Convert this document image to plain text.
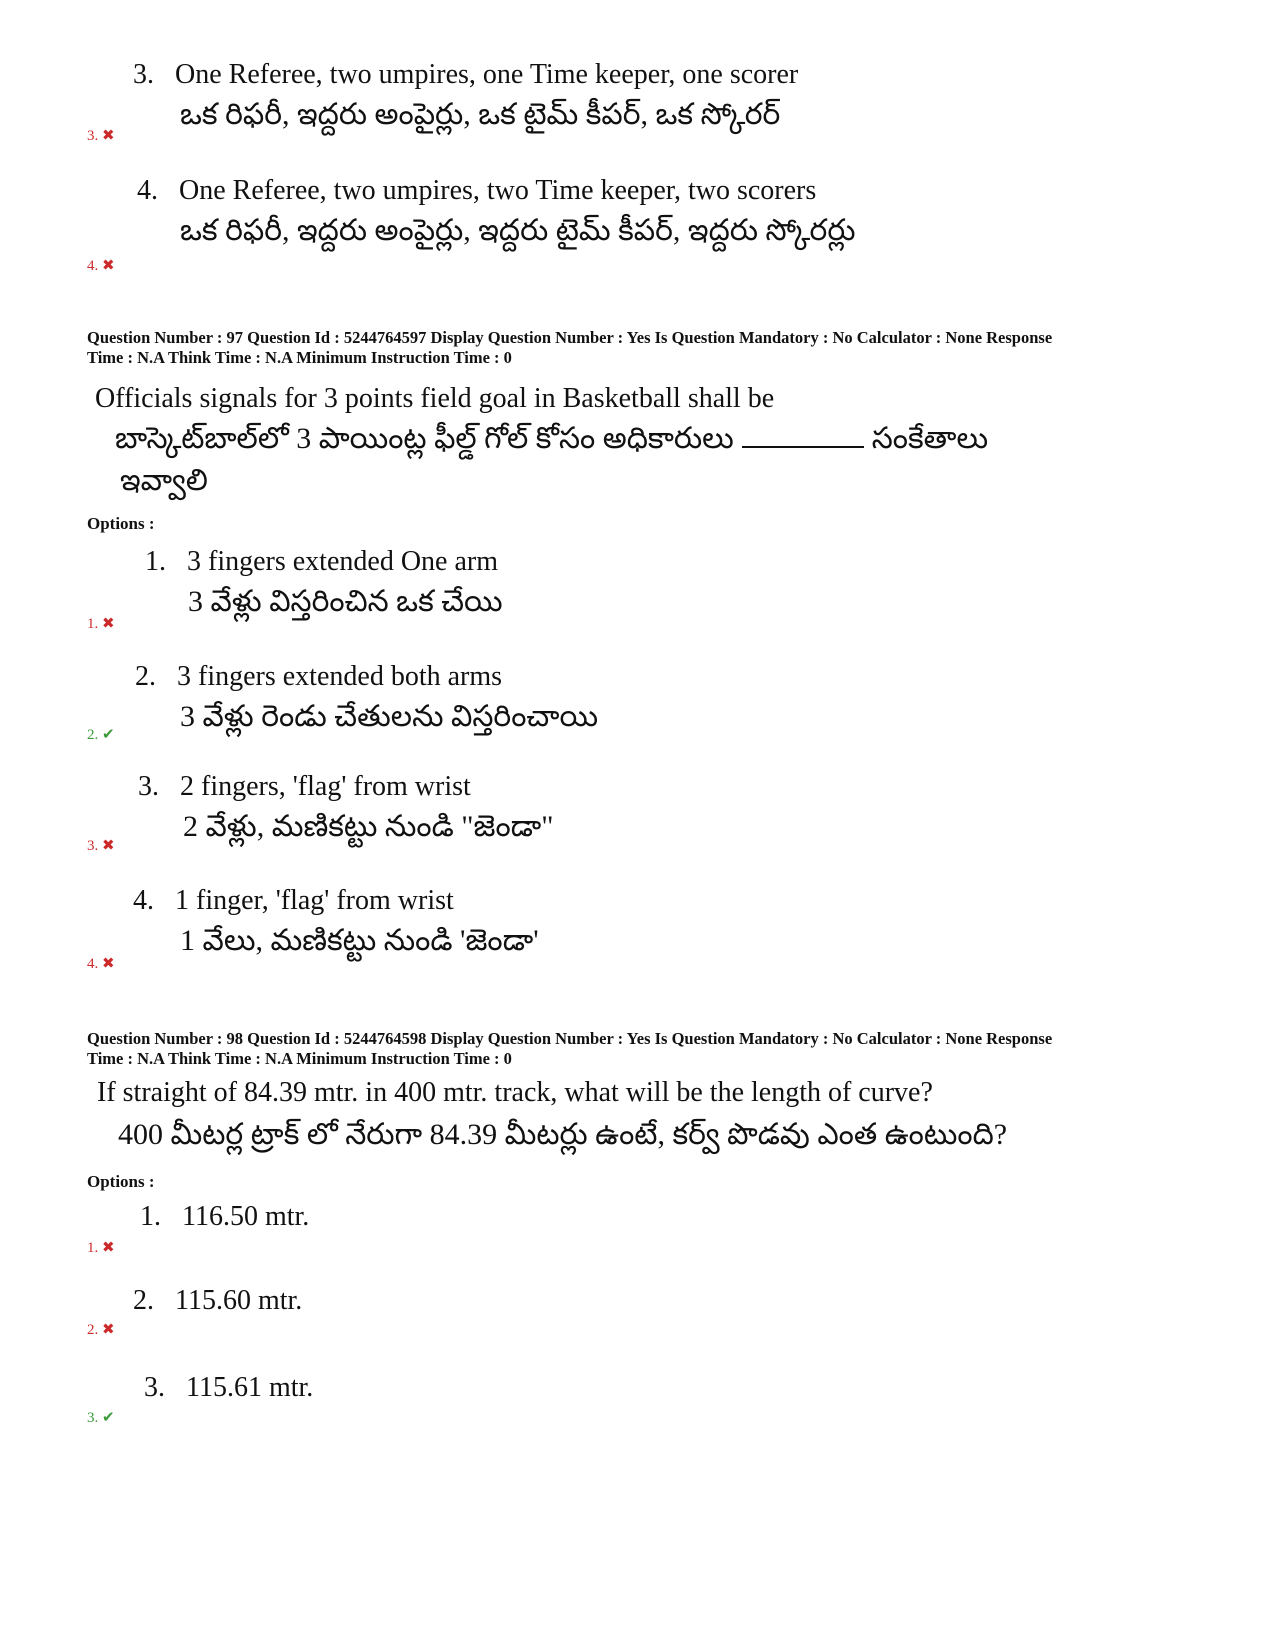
3. One Referee, two umpires, one Time keeper, one scorer
ఒక రిఫరీ, ఇద్దరు అంపైర్లు, ఒక టైమ్ కీపర్, ఒక స్కోరర్
3. ✖
4. One Referee, two umpires, two Time keeper, two scorers
ఒక రిఫరీ, ఇద్దరు అంపైర్లు, ఇద్దరు టైమ్ కీపర్, ఇద్దరు స్కోరర్లు
4. ✖
Question Number : 97 Question Id : 5244764597 Display Question Number : Yes Is Question Mandatory : No Calculator : None Response
Time : N.A Think Time : N.A Minimum Instruction Time : 0
Officials signals for 3 points field goal in Basketball shall be
బాస్కెట్‌బాల్‌లో 3 పాయింట్ల ఫీల్డ్ గోల్ కోసం అధికారులు	సంకేతాలు
ఇవ్వాలి
Options :
1. 3 fingers extended One arm
3 వేళ్లు విస్తరించిన ఒక చేయి
1. ✖
2. 3 fingers extended both arms
3 వేళ్లు రెండు చేతులను విస్తరించాయి
2. ✔
3. 2 fingers, 'flag' from wrist
2 వేళ్లు, మణికట్టు నుండి "జెండా"
3. ✖
4. 1 finger, 'flag' from wrist
1 వేలు, మణికట్టు నుండి 'జెండా'
4. ✖
Question Number : 98 Question Id : 5244764598 Display Question Number : Yes Is Question Mandatory : No Calculator : None Response
Time : N.A Think Time : N.A Minimum Instruction Time : 0
If straight of 84.39 mtr. in 400 mtr. track, what will be the length of curve?
400 మీటర్ల ట్రాక్ లో నేరుగా 84.39 మీటర్లు ఉంటే, కర్వ్ పొడవు ఎంత ఉంటుంది?
Options :
1. 116.50 mtr.
1. ✖
2. 115.60 mtr.
2. ✖
3. 115.61 mtr.
3. ✔
